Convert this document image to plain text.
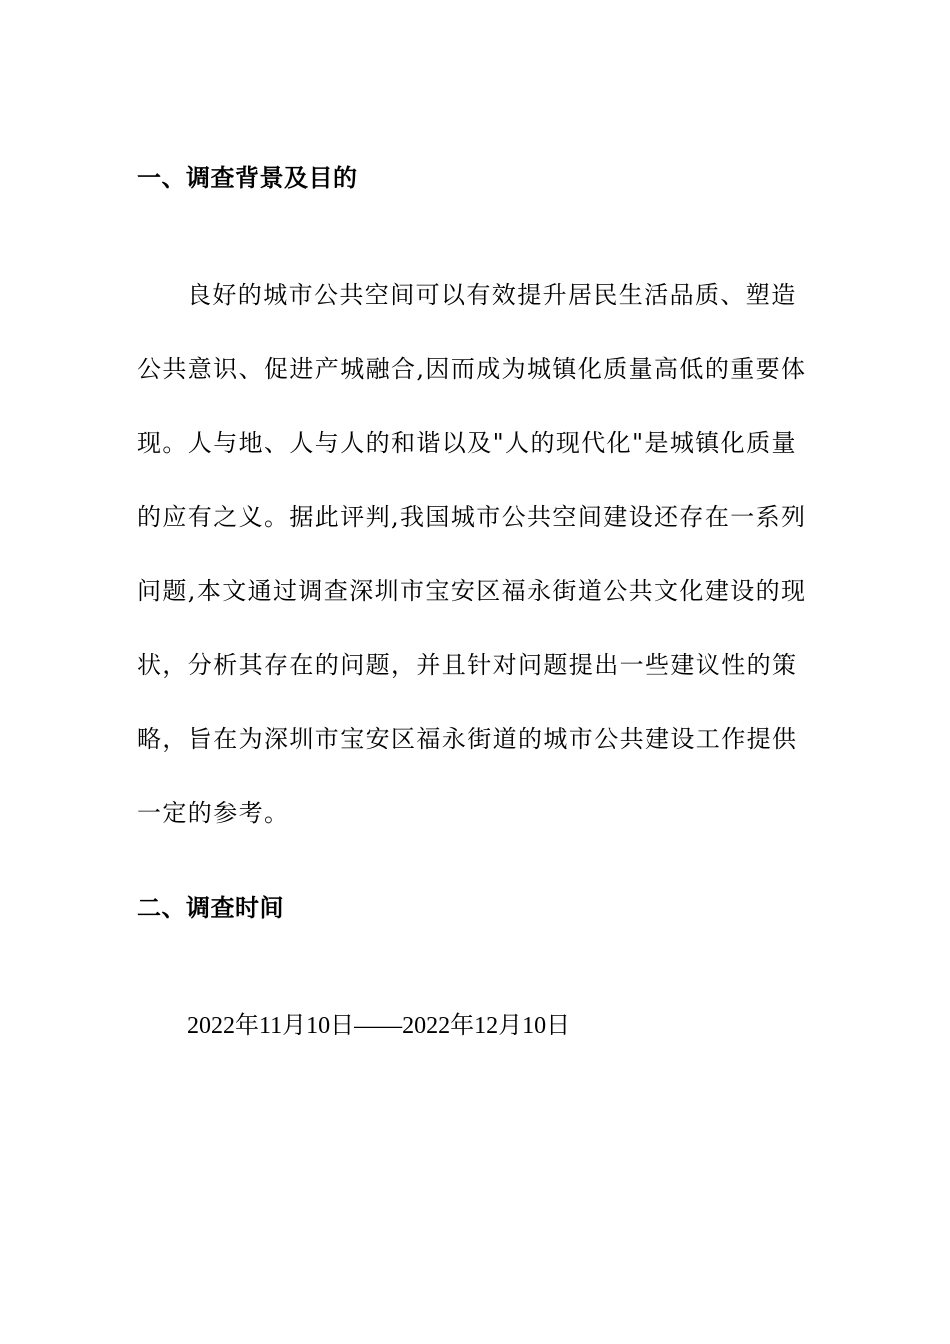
一、调查背景及目的
良好的城市公共空间可以有效提升居民生活品质、塑造
公共意识、促进产城融合,因而成为城镇化质量高低的重要体
现。人与地、人与人的和谐以及"人的现代化"是城镇化质量
的应有之义。据此评判,我国城市公共空间建设还存在一系列
问题,本文通过调查深圳市宝安区福永街道公共文化建设的现
状，分析其存在的问题，并且针对问题提出一些建议性的策
略，旨在为深圳市宝安区福永街道的城市公共建设工作提供
一定的参考。
二、调查时间
2022年11月10日——2022年12月10日
